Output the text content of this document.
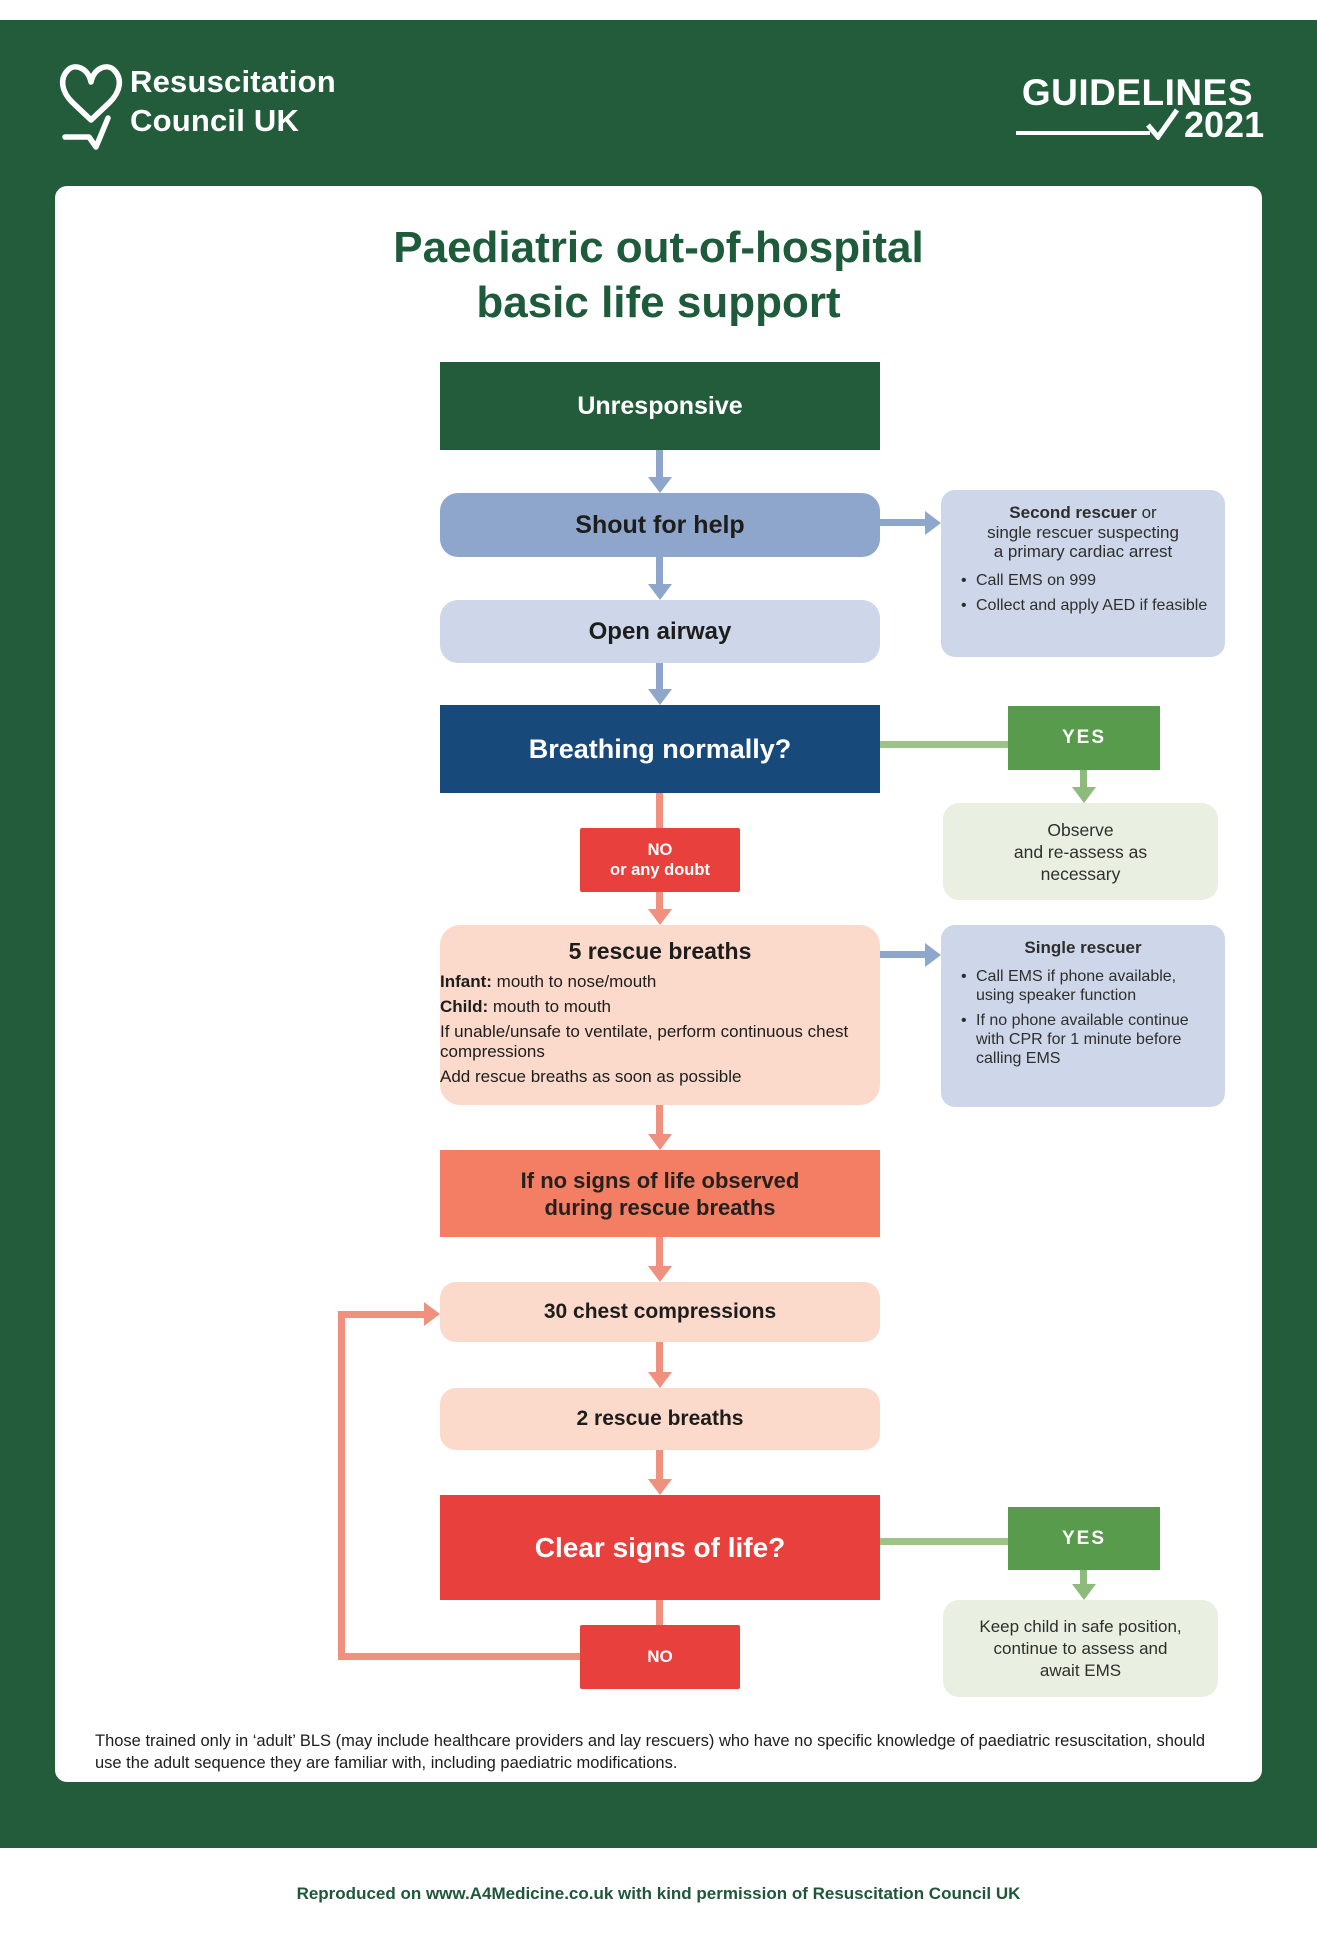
Resuscitation
Council UK
GUIDELINES
2021
Paediatric out-of-hospital
basic life support
Unresponsive
Shout for help	Second rescuer or
single rescuer suspecting
a primary cardiac arrest
• Call EMS on 999
• Collect and apply AED if feasible
Open airway
Breathing normally?	YES
Observe
and re-assess as
necessary
NO
or any doubt
5 rescue breaths
Infant: mouth to nose/mouth
Child: mouth to mouth
If unable/unsafe to ventilate, perform continuous chest compressions
Add rescue breaths as soon as possible
Single rescuer
• Call EMS if phone available, using speaker function
• If no phone available continue with CPR for 1 minute before calling EMS
If no signs of life observed
during rescue breaths
30 chest compressions
2 rescue breaths
Clear signs of life?	YES
Keep child in safe position,
continue to assess and
await EMS
NO
Those trained only in ‘adult’ BLS (may include healthcare providers and lay rescuers) who have no specific knowledge of paediatric resuscitation, should use the adult sequence they are familiar with, including paediatric modifications.
Reproduced on www.A4Medicine.co.uk with kind permission of Resuscitation Council UK
